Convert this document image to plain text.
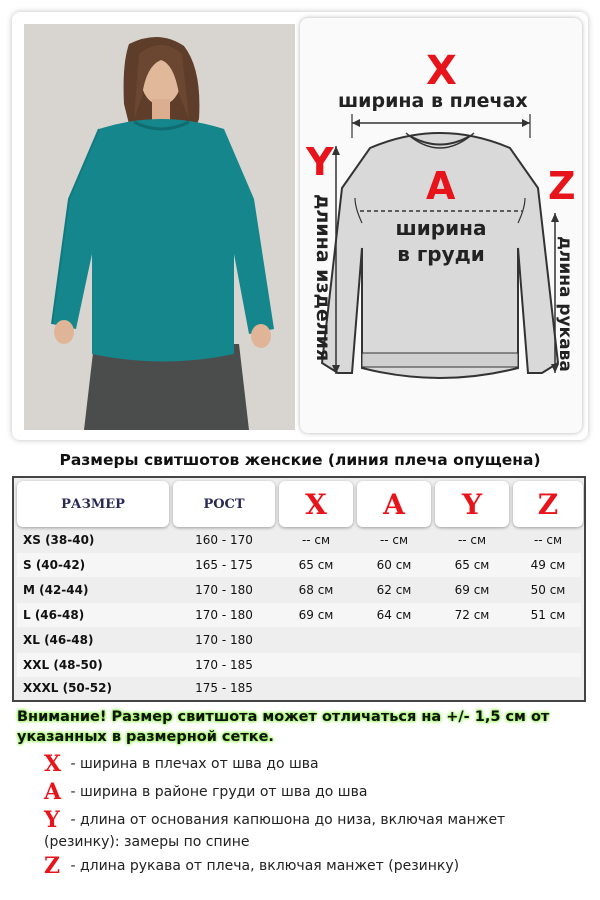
X
ширина в плечах
Y
длина изделия
A
ширина
в груди
Z
длина рукава
Размеры свитшотов женские (линия плеча опущена)
РАЗМЕР	РОСТ	X	A	Y	Z
XS (38-40)	160 - 170	-- см	-- см	-- см	-- см
S (40-42)	165 - 175	65 см	60 см	65 см	49 см
M (42-44)	170 - 180	68 см	62 см	69 см	50 см
L (46-48)	170 - 180	69 см	64 см	72 см	51 см
XL (46-48)	170 - 180
XXL (48-50)	170 - 185
XXXL (50-52)	175 - 185
Внимание! Размер свитшота может отличаться на +/- 1,5 см от указанных в размерной сетке.
X - ширина в плечах от шва до шва
A - ширина в районе груди от шва до шва
Y - длина от основания капюшона до низа, включая манжет (резинку): замеры по спине
Z - длина рукава от плеча, включая манжет (резинку)
